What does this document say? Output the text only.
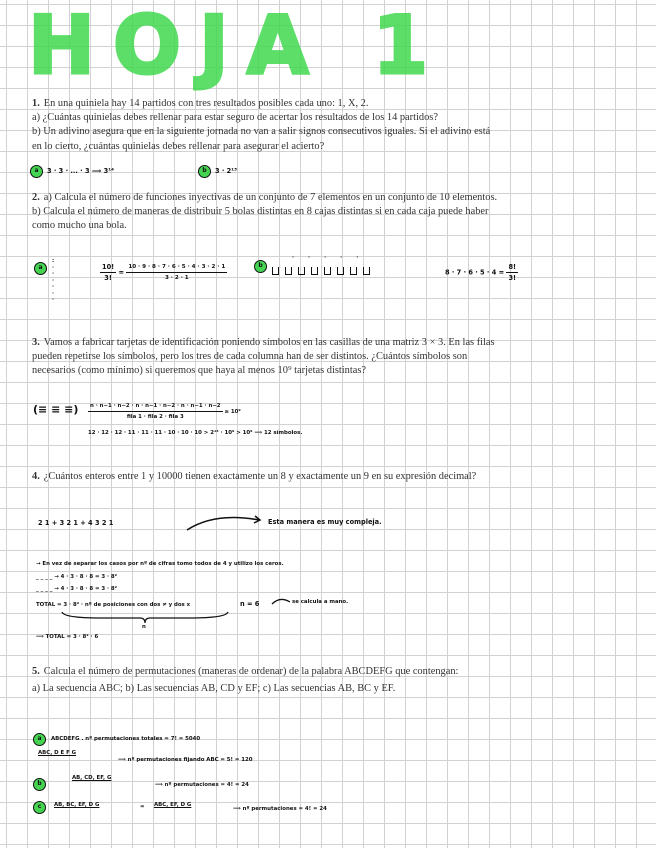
HOJA 1
1. En una quiniela hay 14 partidos con tres resultados posibles cada uno: 1, X, 2.
a) ¿Cuántas quinielas debes rellenar para estar seguro de acertar los resultados de los 14 partidos?
b) Un adivino asegura que en la siguiente jornada no van a salir signos consecutivos iguales. Si el adivino está en lo cierto, ¿cuántas quinielas debes rellenar para asegurar el acierto?
a	3 · 3 · ... · 3 ⟹ 3¹⁴	b	3 · 2¹³
2. a) Calcula el número de funciones inyectivas de un conjunto de 7 elementos en un conjunto de 10 elementos.
b) Calcula el número de maneras de distribuir 5 bolas distintas en 8 cajas distintas si en cada caja puede haber como mucho una bola.
a
:
·
·
·
·
·
·
$\frac{10!}{3!} = \frac{10 \cdot 9 \cdot 8 \cdot 7 \cdot 6 \cdot 5 \cdot 4 \cdot 3 \cdot 2 \cdot 1}{3 \cdot 2 \cdot 1}$	b
·····
$8 \cdot 7 \cdot 6 \cdot 5 \cdot 4 = \frac{8!}{3!}$
3. Vamos a fabricar tarjetas de identificación poniendo símbolos en las casillas de una matriz 3 × 3. En las filas pueden repetirse los símbolos, pero los tres de cada columna han de ser distintos. ¿Cuántos símbolos son necesarios (como mínimo) si queremos que haya al menos 10⁹ tarjetas distintas?
(≡ ≡ ≡) $\frac{n \cdot n-1 \cdot n-2 \cdot n \cdot n-1 \cdot n-2 \cdot n \cdot n-1 \cdot n-2}{\text{fila 1 · fila 2 · fila 3}} \ge 10^9$
12 · 12 · 12 · 11 · 11 · 11 · 10 · 10 · 10 > 2¹³ · 10⁹ > 10⁹ ⟹ 12 símbolos.
4. ¿Cuántos enteros entre 1 y 10000 tienen exactamente un 8 y exactamente un 9 en su expresión decimal?
2 1 + 3 2 1 + 4 3 2 1	Esta manera es muy compleja.
→ En vez de separar los casos por nº de cifras tomo todos de 4 y utilizo los ceros.
_ _ _ _ → 4 · 3 · 8 · 8 = 3 · 8²
_ _ _ _ → 4 · 3 · 8 · 8 = 3 · 8²
TOTAL = 3 · 8² · nº de posiciones con dos ≠ y dos x
n
n = 6	se calcula a mano.
⟹ TOTAL = 3 · 8² · 6
5. Calcula el número de permutaciones (maneras de ordenar) de la palabra ABCDEFG que contengan:
a) La secuencia ABC; b) Las secuencias AB, CD y EF; c) Las secuencias AB, BC y EF.
a	ABCDEFG . nº permutaciones totales = 7! = 5040
ABC, D E F G
⟹ nº permutaciones fijando ABC = 5! = 120
b
AB, CD, EF, G
⟹ nº permutaciones = 4! = 24
c	AB, BC, EF, D G	= ABC, EF, D G
⟹ nº permutaciones = 4! = 24
